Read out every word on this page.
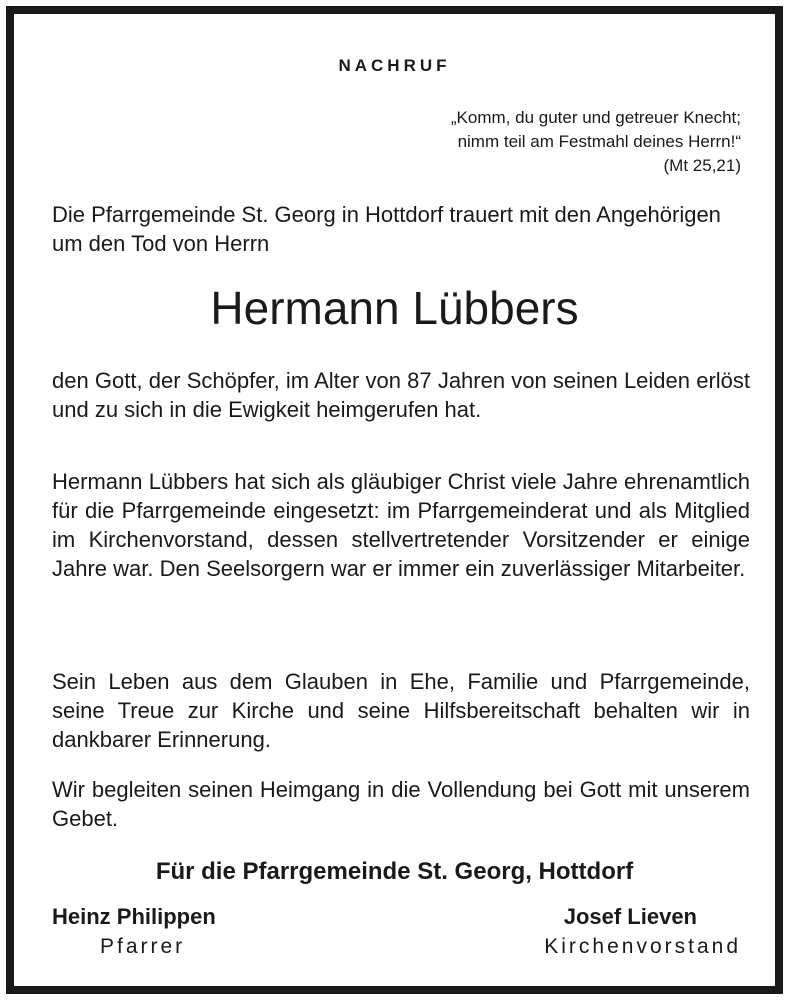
NACHRUF
„Komm, du guter und getreuer Knecht;
nimm teil am Festmahl deines Herrn!“
(Mt 25,21)
Die Pfarrgemeinde St. Georg in Hottdorf trauert mit den Angehörigen um den Tod von Herrn
Hermann Lübbers
den Gott, der Schöpfer, im Alter von 87 Jahren von seinen Leiden erlöst und zu sich in die Ewigkeit heimgerufen hat.
Hermann Lübbers hat sich als gläubiger Christ viele Jahre ehrenamtlich für die Pfarrgemeinde eingesetzt: im Pfarrgemeinderat und als Mitglied im Kirchenvorstand, dessen stellvertretender Vorsitzender er einige Jahre war. Den Seelsorgern war er immer ein zuverlässiger Mitarbeiter.
Sein Leben aus dem Glauben in Ehe, Familie und Pfarrgemeinde, seine Treue zur Kirche und seine Hilfsbereitschaft behalten wir in dankbarer Erinnerung.
Wir begleiten seinen Heimgang in die Vollendung bei Gott mit unserem Gebet.
Für die Pfarrgemeinde St. Georg, Hottdorf
Heinz Philippen
Pfarrer
Josef Lieven
Kirchenvorstand
